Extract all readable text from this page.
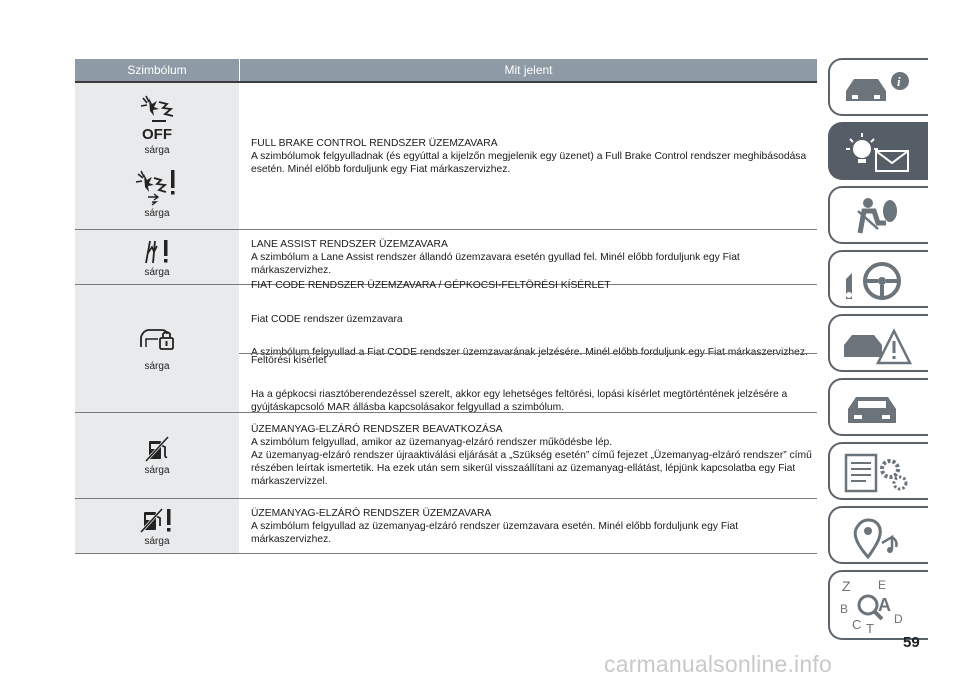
Szimbólum	Mit jelent
OFF
sárga
sárga

FULL BRAKE CONTROL RENDSZER ÜZEMZAVARA

A szimbólumok felgyulladnak (és egyúttal a kijelzőn megjelenik egy üzenet) a Full Brake Control rendszer meghibásodása esetén. Minél előbb forduljunk egy Fiat márkaszervizhez.

sárga

LANE ASSIST RENDSZER ÜZEMZAVARA

A szimbólum a Lane Assist rendszer állandó üzemzavara esetén gyullad fel. Minél előbb forduljunk egy Fiat márkaszervizhez.

sárga

FIAT CODE RENDSZER ÜZEMZAVARA / GÉPKOCSI-FELTÖRÉSI KÍSÉRLET

Fiat CODE rendszer üzemzavara

A szimbólum felgyullad a Fiat CODE rendszer üzemzavarának jelzésére. Minél előbb forduljunk egy Fiat márkaszervizhez.

Feltörési kísérlet

Ha a gépkocsi riasztóberendezéssel szerelt, akkor egy lehetséges feltörési, lopási kísérlet megtörténtének jelzésére a gyújtáskapcsoló MAR állásba kapcsolásakor felgyullad a szimbólum.

sárga

ÜZEMANYAG-ELZÁRÓ RENDSZER BEAVATKOZÁSA

A szimbólum felgyullad, amikor az üzemanyag-elzáró rendszer működésbe lép.

Az üzemanyag-elzáró rendszer újraaktiválási eljárását a „Szükség esetén” című fejezet „Üzemanyag-elzáró rendszer” című részében leírtak ismertetik. Ha ezek után sem sikerül visszaállítani az üzemanyag-ellátást, lépjünk kapcsolatba egy Fiat márkaszervizzel.

sárga

ÜZEMANYAG-ELZÁRÓ RENDSZER ÜZEMZAVARA

A szimbólum felgyullad az üzemanyag-elzáró rendszer üzemzavara esetén. Minél előbb forduljunk egy Fiat márkaszervizhez.

i
Z E
B A
C T
D
59
carmanualsonline.info
